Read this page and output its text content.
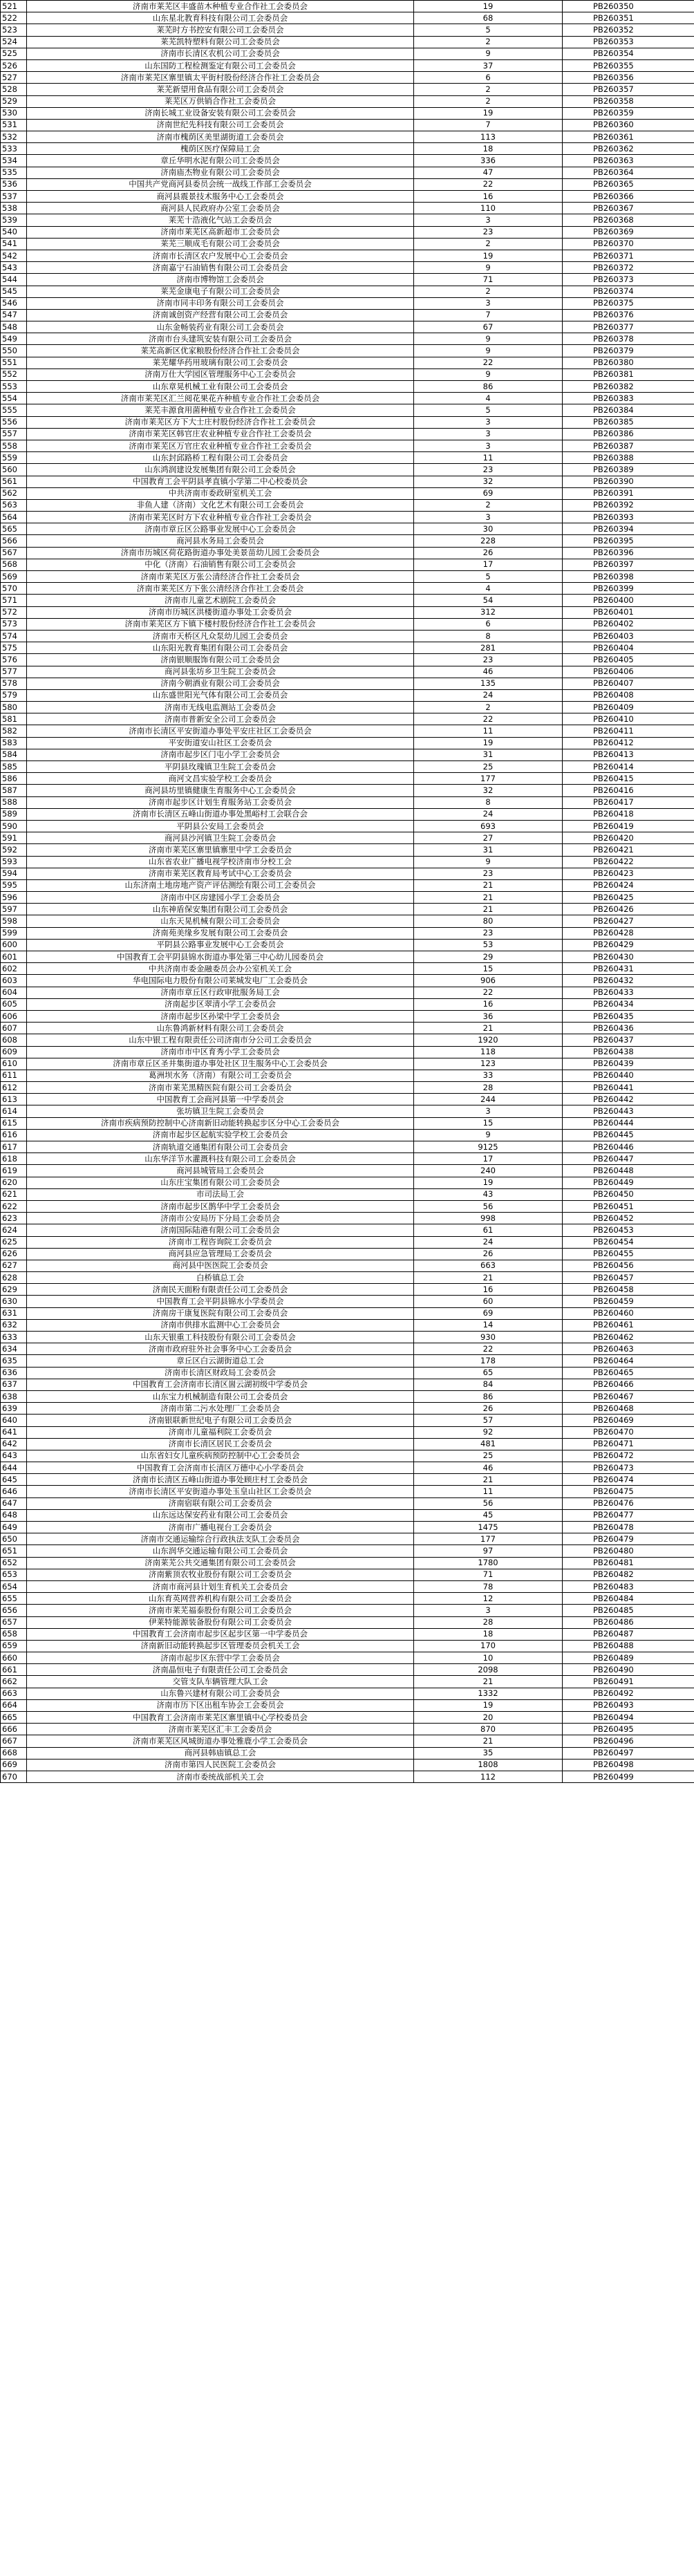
521	济南市莱芜区丰盛苗木种植专业合作社工会委员会	19	PB260350
522	山东星北教育科技有限公司工会委员会	68	PB260351
523	莱芜时方书控安有限公司工会委员会	5	PB260352
524	莱芜凯特塑料有限公司工会委员会	2	PB260353
525	济南市长清区农机公司工会委员会	9	PB260354
526	山东国防工程检测鉴定有限公司工会委员会	37	PB260355
527	济南市莱芜区寨里镇太平街村股份经济合作社工会委员会	6	PB260356
528	莱芜新望用食品有限公司工会委员会	2	PB260357
529	莱芜区万供销合作社工会委员会	2	PB260358
530	济南长城工业设备安装有限公司工会委员会	19	PB260359
531	济南世纪先科技有限公司工会委员会	7	PB260360
532	济南市槐荫区美里湖街道工会委员会	113	PB260361
533	槐荫区医疗保障局工会	18	PB260362
534	章丘华明水泥有限公司工会委员会	336	PB260363
535	济南庙杰物业有限公司工会委员会	47	PB260364
536	中国共产党商河县委员会统一战线工作部工会委员会	22	PB260365
537	商河县震景技术服务中心工会委员会	16	PB260366
538	商河县人民政府办公室工会委员会	110	PB260367
539	莱芜十浩液化气站工会委员会	3	PB260368
540	济南市莱芜区高新超市工会委员会	23	PB260369
541	莱芜三顺成毛有限公司工会委员会	2	PB260370
542	济南市长清区农户发展中心工会委员会	19	PB260371
543	济南嘉宁石油销售有限公司工会委员会	9	PB260372
544	济南市博物馆工会委员会	71	PB260373
545	莱芜金康电子有限公司工会委员会	2	PB260374
546	济南市同丰印务有限公司工会委员会	3	PB260375
547	济南诚创资产经营有限公司工会委员会	7	PB260376
548	山东金畅装药业有限公司工会委员会	67	PB260377
549	济南市台头建筑安装有限公司工会委员会	9	PB260378
550	莱芜高新区优家粮股份经济合作社工会委员会	9	PB260379
551	莱芜耀华药用玻璃有限公司工会委员会	22	PB260380
552	济南万仕大学园区管理服务中心工会委员会	9	PB260381
553	山东章晃机械工业有限公司工会委员会	86	PB260382
554	济南市莱芜区汇兰阅花果花卉种植专业合作社工会委员会	4	PB260383
555	莱芜丰源食用菌种植专业合作社工会委员会	5	PB260384
556	济南市莱芜区方下大士庄村股份经济合作社工会委员会	3	PB260385
557	济南市莱芜区韩官庄农业种植专业合作社工会委员会	3	PB260386
558	济南市莱芜区万官庄农业种植专业合作社工会委员会	3	PB260387
559	山东封邱路桥工程有限公司工会委员会	11	PB260388
560	山东鸿润建设发展集团有限公司工会委员会	23	PB260389
561	中国教育工会平阴县孝直镇小学第二中心校委员会	32	PB260390
562	中共济南市委政研室机关工会	69	PB260391
563	非鱼人建（济南）文化艺术有限公司工会委员会	2	PB260392
564	济南市莱芜区时方下农业种植专业合作社工会委员会	3	PB260393
565	济南市章丘区公路事业发展中心工会委员会	30	PB260394
566	商河县水务局工会委员会	228	PB260395
567	济南市历城区荷花路街道办事处美景苗幼儿园工会委员会	26	PB260396
568	中化（济南）石油销售有限公司工会委员会	17	PB260397
569	济南市莱芜区万张公清经济合作社工会委员会	5	PB260398
570	济南市莱芜区方下张公清经济合作社工会委员会	4	PB260399
571	济南市儿童艺术剧院工会委员会	54	PB260400
572	济南市历城区洪楼街道办事处工会委员会	312	PB260401
573	济南市莱芜区方下镇下楼村股份经济合作社工会委员会	6	PB260402
574	济南市天桥区凡众泵幼儿园工会委员会	8	PB260403
575	山东阳光教育集团有限公司工会委员会	281	PB260404
576	济南银顺服饰有限公司工会委员会	23	PB260405
577	商河县张坊乡卫生院工会委员会	46	PB260406
578	济南今朝酒业有限公司工会委员会	135	PB260407
579	山东盛世阳光气体有限公司工会委员会	24	PB260408
580	济南市无线电监测站工会委员会	2	PB260409
581	济南市普新安全公司工会委员会	22	PB260410
582	济南市长清区平安街道办事处平安庄社区工会委员会	11	PB260411
583	平安街道安山社区工会委员会	19	PB260412
584	济南市起步区门屯小学工会委员会	31	PB260413
585	平阴县玫瑰镇卫生院工会委员会	25	PB260414
586	商河文昌实验学校工会委员会	177	PB260415
587	商河县坊里镇健康生育服务中心工会委员会	32	PB260416
588	济南市起步区计划生育服务站工会委员会	8	PB260417
589	济南市长清区五峰山街道办事处黑峪村工会联合会	24	PB260418
590	平阴县公安局工会委员会	693	PB260419
591	商河县沙河镇卫生院工会委员会	27	PB260420
592	济南市莱芜区寨里镇寨里中学工会委员会	31	PB260421
593	山东省农业广播电视学校济南市分校工会	9	PB260422
594	济南市莱芜区教育局考试中心工会委员会	23	PB260423
595	山东济南土地房地产资产评估测绘有限公司工会委员会	21	PB260424
596	济南市中区房建园小学工会委员会	21	PB260425
597	山东神盾保安集团有限公司工会委员会	21	PB260426
598	山东天晃机械有限公司工会委员会	80	PB260427
599	济南苑美缘乡发展有限公司工会委员会	23	PB260428
600	平阴县公路事业发展中心工会委员会	53	PB260429
601	中国教育工会平阴县锦水街道办事处第三中心幼儿园委员会	29	PB260430
602	中共济南市委金融委员会办公室机关工会	15	PB260431
603	华电国际电力股份有限公司莱城发电厂工会委员会	906	PB260432
604	济南市章丘区行政审批服务局工会	22	PB260433
605	济南起步区翠清小学工会委员会	16	PB260434
606	济南市起步区孙梁中学工会委员会	36	PB260435
607	山东鲁鸿新材料有限公司工会委员会	21	PB260436
608	山东中银工程有限责任公司济南市分公司工会委员会	1920	PB260437
609	济南市市中区育秀小学工会委员会	118	PB260438
610	济南市章丘区圣井集街道办事处社区卫生服务中心工会委员会	123	PB260439
611	葛洲坝水务（济南）有限公司工会委员会	33	PB260440
612	济南市莱芜黑精医院有限公司工会委员会	28	PB260441
613	中国教育工会商河县第一中学委员会	244	PB260442
614	张坊镇卫生院工会委员会	3	PB260443
615	济南市疾病预防控制中心济南新旧动能转换起步区分中心工会委员会	15	PB260444
616	济南市起步区起航实验学校工会委员会	9	PB260445
617	济南轨道交通集团有限公司工会委员会	9125	PB260446
618	山东华洋节水灌溉科技有限公司工会委员会	17	PB260447
619	商河县城管局工会委员会	240	PB260448
620	山东庄宝集团有限公司工会委员会	19	PB260449
621	市司法局工会	43	PB260450
622	济南市起步区鹊华中学工会委员会	56	PB260451
623	济南市公安局历下分局工会委员会	998	PB260452
624	济南国际陆港有限公司工会委员会	61	PB260453
625	济南市工程咨询院工会委员会	24	PB260454
626	商河县应急管理局工会委员会	26	PB260455
627	商河县中医医院工会委员会	663	PB260456
628	白桥镇总工会	21	PB260457
629	济南民天面粉有限责任公司工会委员会	16	PB260458
630	中国教育工会平阴县锦水小学委员会	60	PB260459
631	济南房干康复医院有限公司工会委员会	69	PB260460
632	济南市供排水监测中心工会委员会	14	PB260461
633	山东天银重工科技股份有限公司工会委员会	930	PB260462
634	济南市政府驻外社会事务中心工会委员会	22	PB260463
635	章丘区白云湖街道总工会	178	PB260464
636	济南市长清区财政局工会委员会	65	PB260465
637	中国教育工会济南市长清区崮云湖初级中学委员会	84	PB260466
638	山东宝力机械制造有限公司工会委员会	86	PB260467
639	济南市第二污水处理厂工会委员会	26	PB260468
640	济南银联新世纪电子有限公司工会委员会	57	PB260469
641	济南市儿童福利院工会委员会	92	PB260470
642	济南市长清区居民工会委员会	481	PB260471
643	山东省妇女儿童疾病预防控制中心工会委员会	25	PB260472
644	中国教育工会济南市长清区万德中心小学委员会	46	PB260473
645	济南市长清区五峰山街道办事处顾庄村工会委员会	21	PB260474
646	济南市长清区平安街道办事处玉皇山社区工会委员会	11	PB260475
647	济南宿联有限公司工会委员会	56	PB260476
648	山东远达保安药业有限公司工会委员会	45	PB260477
649	济南市广播电视台工会委员会	1475	PB260478
650	济南市交通运输综合行政执法支队工会委员会	177	PB260479
651	山东润华交通运输有限公司工会委员会	97	PB260480
652	济南莱芜公共交通集团有限公司工会委员会	1780	PB260481
653	济南紫顶农牧业股份有限公司工会委员会	71	PB260482
654	济南市商河县计划生育机关工会委员会	78	PB260483
655	山东育英网营养机构有限公司工会委员会	12	PB260484
656	济南市莱芜福泰股份有限公司工会委员会	3	PB260485
657	伊莱特能源装备股份有限公司工会委员会	28	PB260486
658	中国教育工会济南市起步区起步区第一中学委员会	18	PB260487
659	济南新旧动能转换起步区管理委员会机关工会	170	PB260488
660	济南市起步区东营中学工会委员会	10	PB260489
661	济南晶恒电子有限责任公司工会委员会	2098	PB260490
662	交管支队车辆管理大队工会	21	PB260491
663	山东鲁兴建材有限公司工会委员会	1332	PB260492
664	济南市历下区出租车协会工会委员会	19	PB260493
665	中国教育工会济南市莱芜区寨里镇中心学校委员会	20	PB260494
666	济南市莱芜区汇丰工会委员会	870	PB260495
667	济南市莱芜区风城街道办事处雅鹿小学工会委员会	21	PB260496
668	商河县韩庙镇总工会	35	PB260497
669	济南市第四人民医院工会委员会	1808	PB260498
670	济南市委统战部机关工会	112	PB260499
